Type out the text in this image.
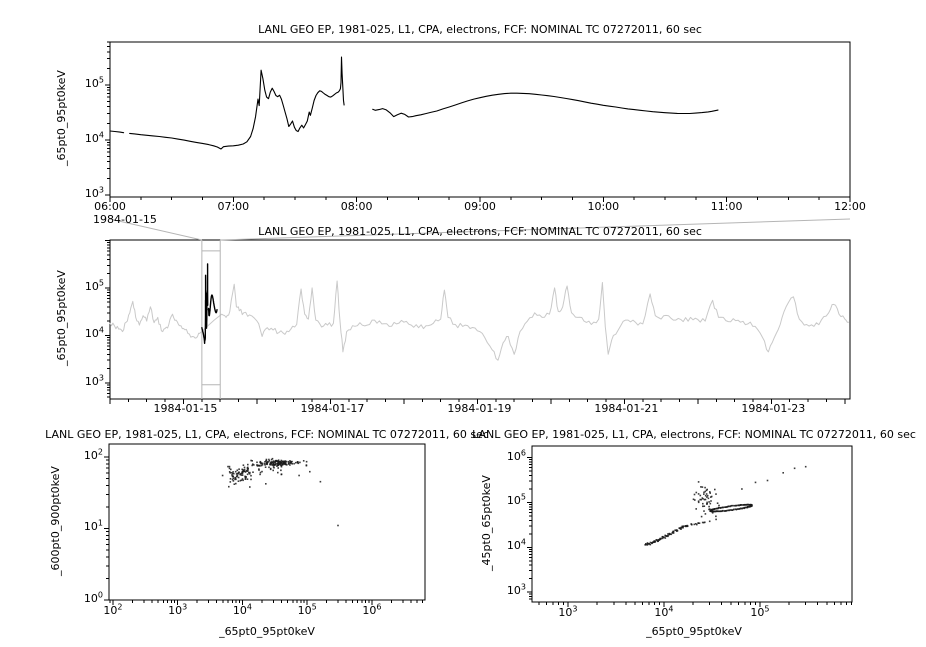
LANL GEO EP, 1981-025, L1, CPA, electrons, FCF: NOMINAL TC 07272011, 60 sec
LANL GEO EP, 1981-025, L1, CPA, electrons, FCF: NOMINAL TC 07272011, 60 sec
LANL GEO EP, 1981-025, L1, CPA, electrons, FCF: NOMINAL TC 07272011, 60 sec
LANL GEO EP, 1981-025, L1, CPA, electrons, FCF: NOMINAL TC 07272011, 60 sec
_65pt0_95pt0keV
_65pt0_95pt0keV
_600pt0_900pt0keV	_45pt0_65pt0keV
_65pt0_95pt0keV	_65pt0_95pt0keV
1984-01-15
$10^3$
$10^4$
$10^5$
06:00	07:00	08:00	09:00	10:00	11:00	12:00
$10^3$
$10^4$
$10^5$
1984-01-15	1984-01-17	1984-01-19	1984-01-21	1984-01-23
$10^0$
$10^1$
$10^2$
$10^2$	$10^3$	$10^4$	$10^5$	$10^6$
$10^3$
$10^4$
$10^5$
$10^6$
$10^3$	$10^4$	$10^5$
